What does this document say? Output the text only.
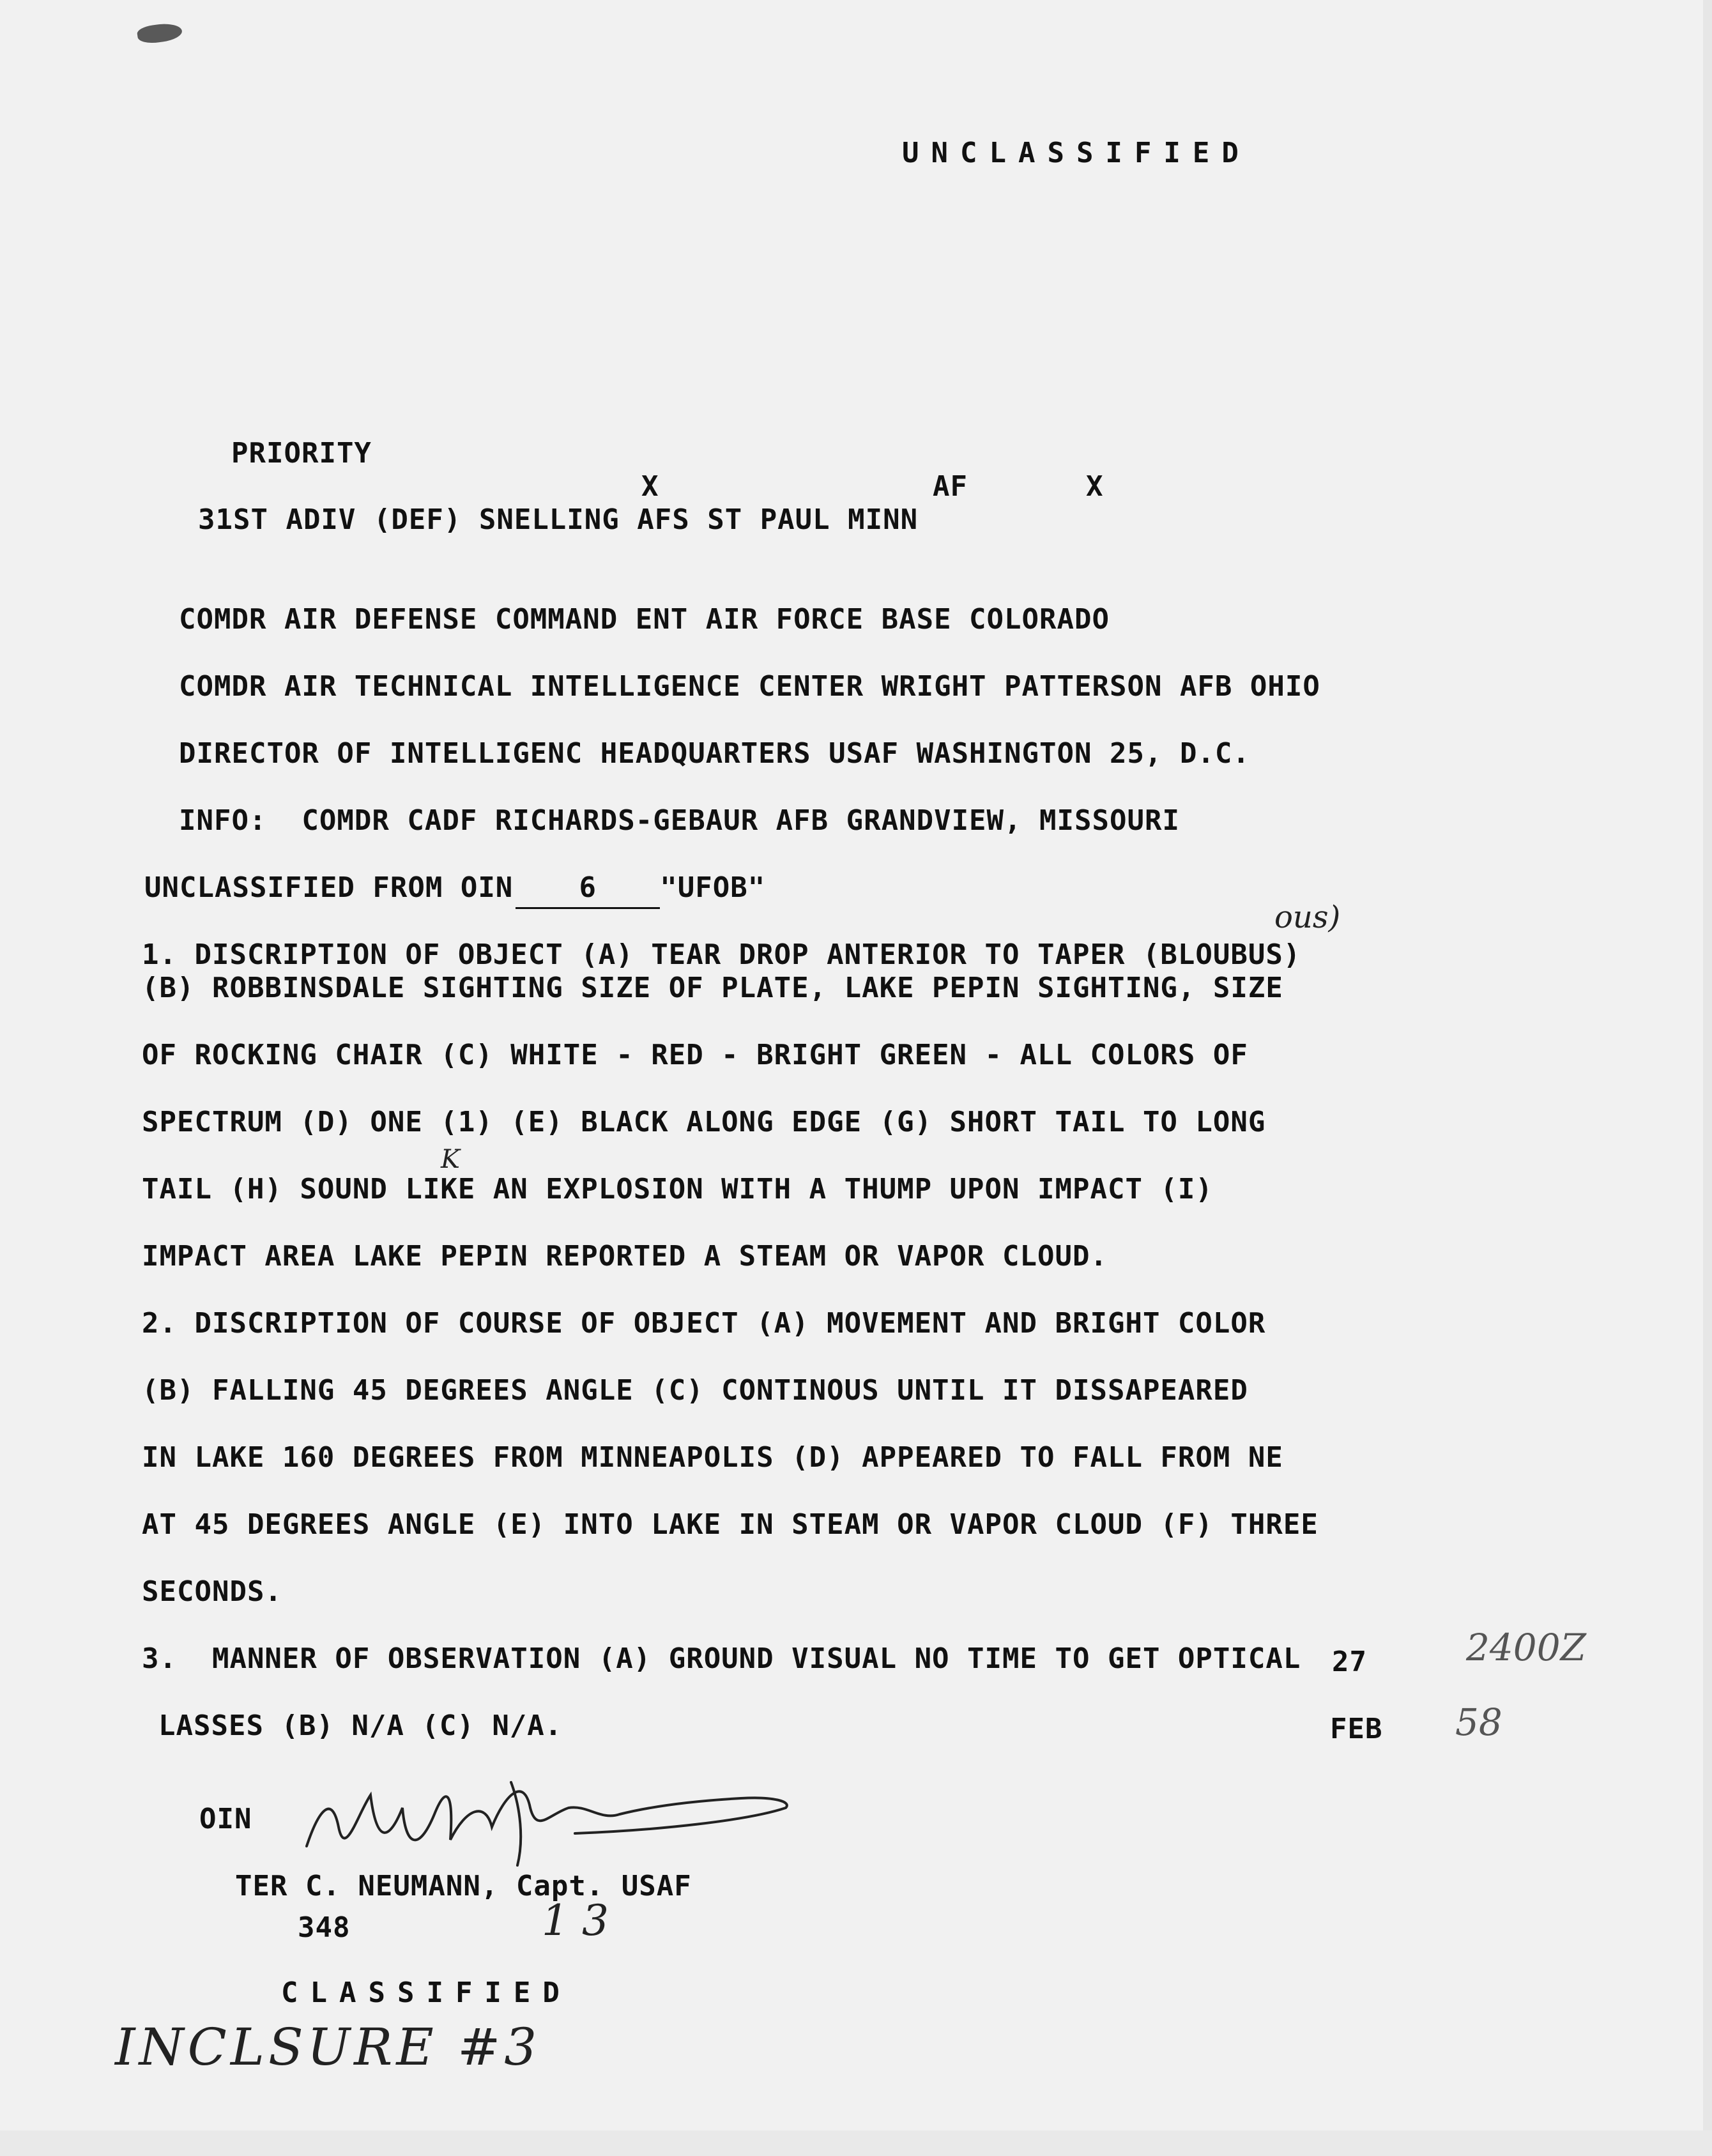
UNCLASSIFIED
PRIORITY
X	AF	X
31ST ADIV (DEF) SNELLING AFS ST PAUL MINN
COMDR AIR DEFENSE COMMAND ENT AIR FORCE BASE COLORADO
COMDR AIR TECHNICAL INTELLIGENCE CENTER WRIGHT PATTERSON AFB OHIO
DIRECTOR OF INTELLIGENC HEADQUARTERS USAF WASHINGTON 25, D.C.
INFO:  COMDR CADF RICHARDS-GEBAUR AFB GRANDVIEW, MISSOURI
UNCLASSIFIED FROM OIN 6 "UFOB"
1. DISCRIPTION OF OBJECT (A) TEAR DROP ANTERIOR TO TAPER (BLOUBUS)
(B) ROBBINSDALE SIGHTING SIZE OF PLATE, LAKE PEPIN SIGHTING, SIZE
OF ROCKING CHAIR (C) WHITE - RED - BRIGHT GREEN - ALL COLORS OF
SPECTRUM (D) ONE (1) (E) BLACK ALONG EDGE (G) SHORT TAIL TO LONG
TAIL (H) SOUND LIKE AN EXPLOSION WITH A THUMP UPON IMPACT (I)
IMPACT AREA LAKE PEPIN REPORTED A STEAM OR VAPOR CLOUD.
2. DISCRIPTION OF COURSE OF OBJECT (A) MOVEMENT AND BRIGHT COLOR
(B) FALLING 45 DEGREES ANGLE (C) CONTINOUS UNTIL IT DISSAPEARED
IN LAKE 160 DEGREES FROM MINNEAPOLIS (D) APPEARED TO FALL FROM NE
AT 45 DEGREES ANGLE (E) INTO LAKE IN STEAM OR VAPOR CLOUD (F) THREE
SECONDS.
3.  MANNER OF OBSERVATION (A) GROUND VISUAL NO TIME TO GET OPTICAL
LASSES (B) N/A (C) N/A.
27
FEB
ous)
K
2400Z
58
1 3
INCLSURE #3
OIN
TER C. NEUMANN, Capt. USAF
348
CLASSIFIED
